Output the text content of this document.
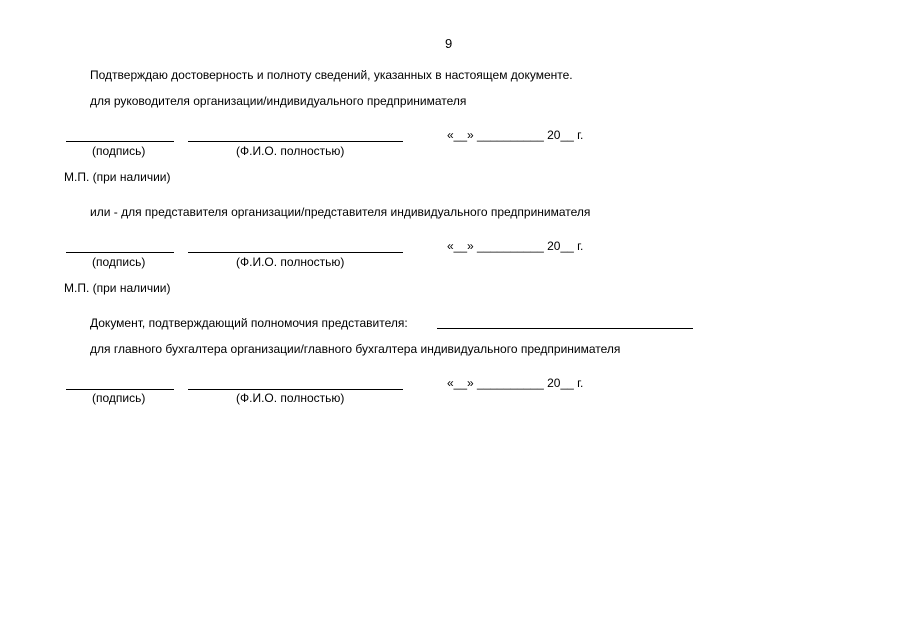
9
Подтверждаю достоверность и полноту сведений, указанных в настоящем документе.
для руководителя организации/индивидуального предпринимателя
«__» __________ 20__ г.
(подпись)	(Ф.И.О. полностью)
М.П. (при наличии)
или - для представителя организации/представителя индивидуального предпринимателя
«__» __________ 20__ г.
(подпись)	(Ф.И.О. полностью)
М.П. (при наличии)
Документ, подтверждающий полномочия представителя:
для главного бухгалтера организации/главного бухгалтера индивидуального предпринимателя
«__» __________ 20__ г.
(подпись)	(Ф.И.О. полностью)
